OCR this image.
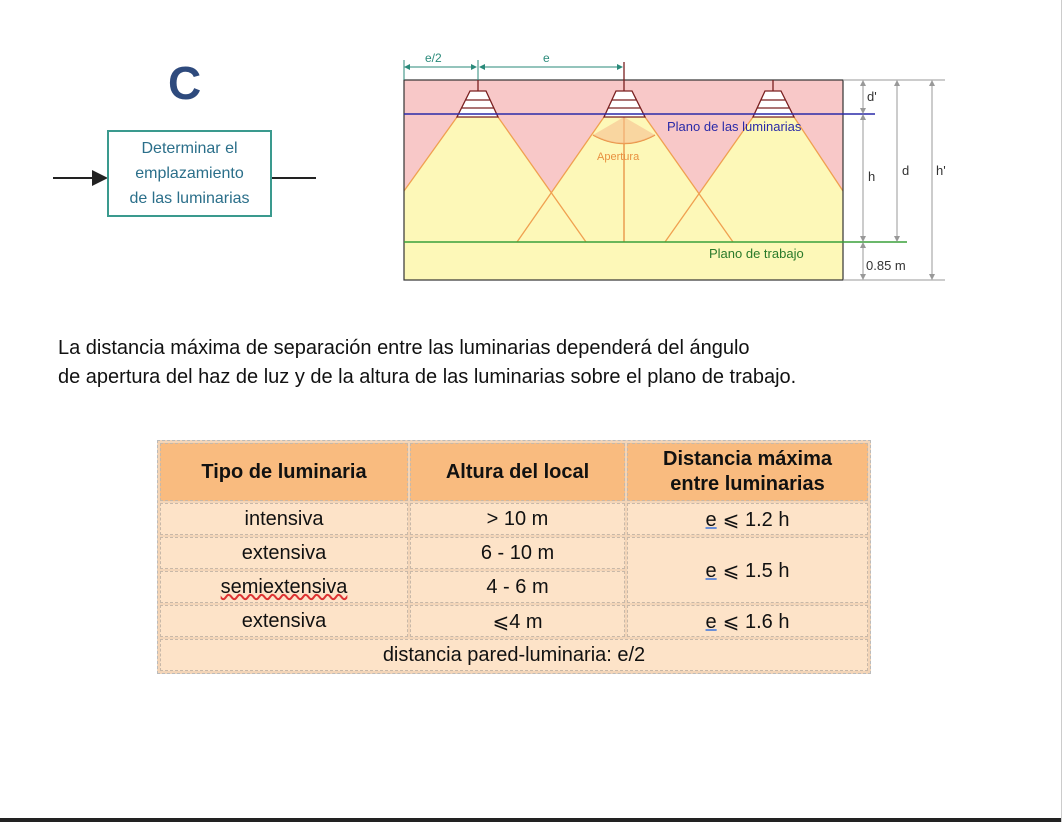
C	e/2	e
Plano de las luminarias
Apertura
Plano de trabajo
d'
h d h'
0.85 m
Determinar el
emplazamiento
de las luminarias
La distancia máxima de separación entre las luminarias dependerá del ángulo
de apertura del haz de luz y de la altura de las luminarias sobre el plano de trabajo.
Tipo de luminaria	Altura del local	Distancia máxima
entre luminarias
intensiva	> 10 m	e ⩽ 1.2 h
extensiva	6 - 10 m	e ⩽ 1.5 h
semiextensiva	4 - 6 m	
extensiva	⩽4 m	e ⩽ 1.6 h
distancia pared-luminaria: e/2		
